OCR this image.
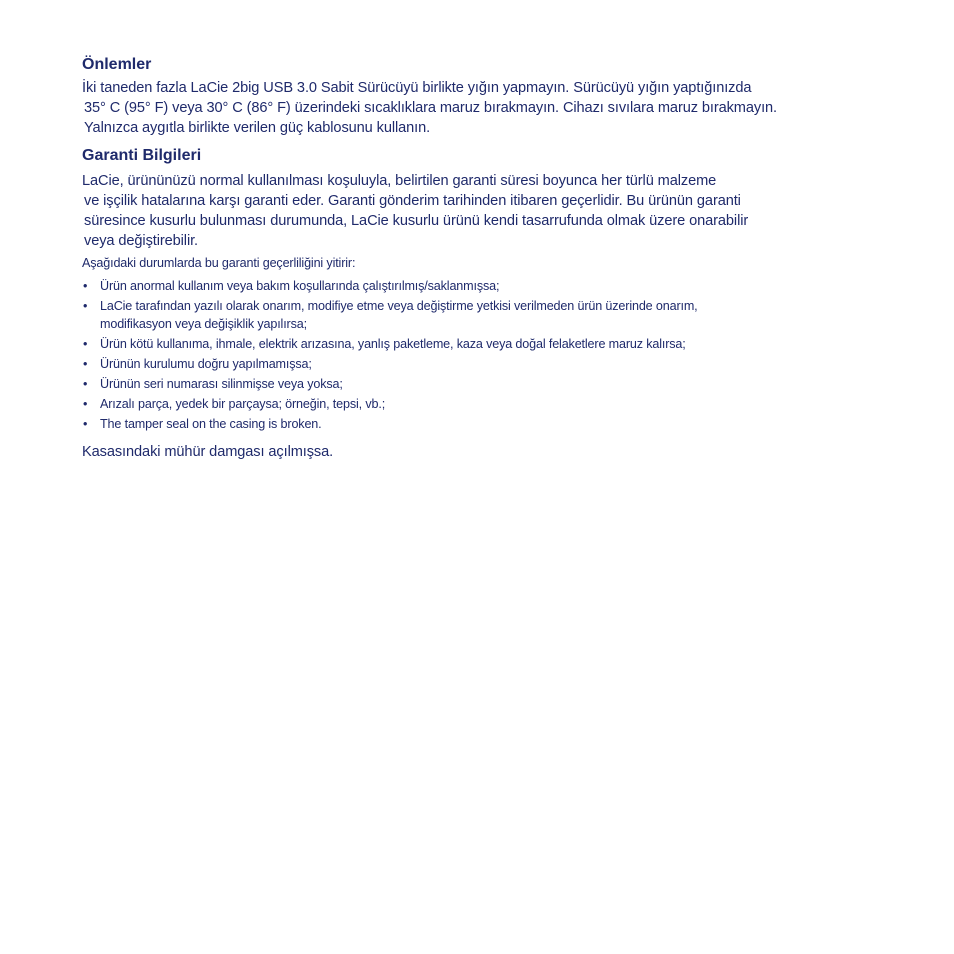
Önlemler

İki taneden fazla LaCie 2big USB 3.0 Sabit Sürücüyü birlikte yığın yapmayın. Sürücüyü yığın yaptığınızda
35° C (95° F) veya 30° C (86° F) üzerindeki sıcaklıklara maruz bırakmayın. Cihazı sıvılara maruz bırakmayın.
Yalnızca aygıtla birlikte verilen güç kablosunu kullanın.

Garanti Bilgileri

LaCie, ürününüzü normal kullanılması koşuluyla, belirtilen garanti süresi boyunca her türlü malzeme
ve işçilik hatalarına karşı garanti eder. Garanti gönderim tarihinden itibaren geçerlidir. Bu ürünün garanti
süresince kusurlu bulunması durumunda, LaCie kusurlu ürünü kendi tasarrufunda olmak üzere onarabilir
veya değiştirebilir.

Aşağıdaki durumlarda bu garanti geçerliliğini yitirir:

• Ürün anormal kullanım veya bakım koşullarında çalıştırılmış/saklanmışsa;
• LaCie tarafından yazılı olarak onarım, modifiye etme veya değiştirme yetkisi verilmeden ürün üzerinde onarım,
modifikasyon veya değişiklik yapılırsa;
• Ürün kötü kullanıma, ihmale, elektrik arızasına, yanlış paketleme, kaza veya doğal felaketlere maruz kalırsa;
• Ürünün kurulumu doğru yapılmamışsa;
• Ürünün seri numarası silinmişse veya yoksa;
• Arızalı parça, yedek bir parçaysa; örneğin, tepsi, vb.;
• The tamper seal on the casing is broken.

Kasasındaki mühür damgası açılmışsa.
